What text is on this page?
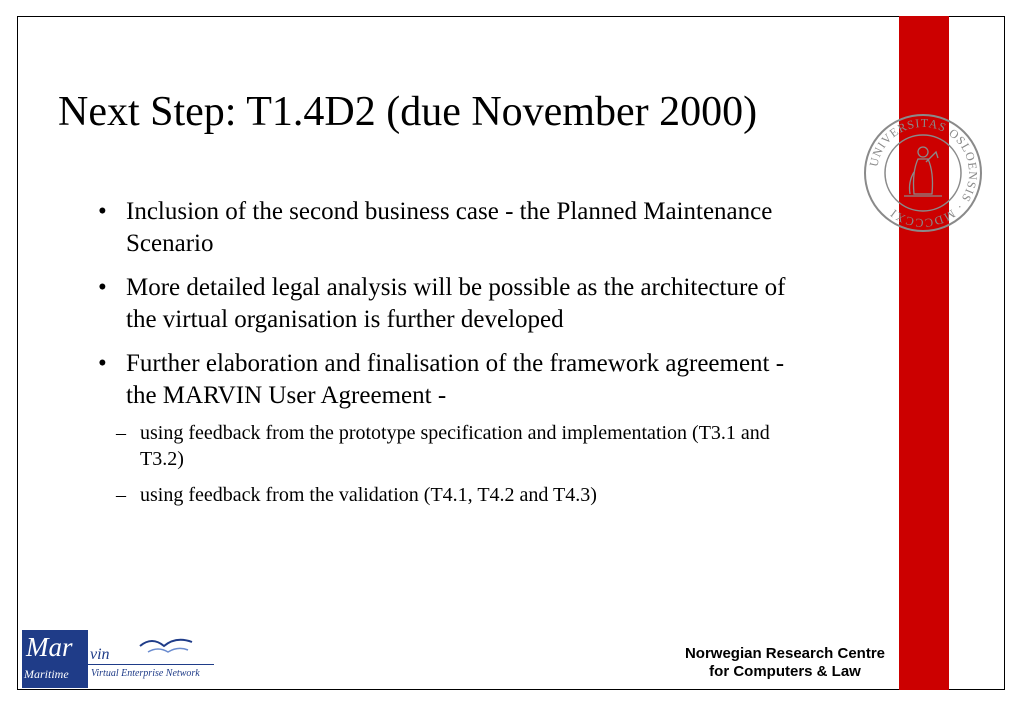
Next Step: T1.4D2 (due November 2000)
• Inclusion of the second business case - the Planned Maintenance Scenario
• More detailed legal analysis will be possible as the architecture of the virtual organisation is further developed
• Further elaboration and finalisation of the framework agreement - the MARVIN User Agreement -
– using feedback from the prototype specification and implementation (T3.1 and T3.2)
– using feedback from the validation (T4.1, T4.2 and T4.3)
UNIVERSITAS OSLOENSIS · MDCCCXI
Mar
Maritime
vin
Virtual Enterprise Network
Norwegian Research Centre
for Computers & Law
